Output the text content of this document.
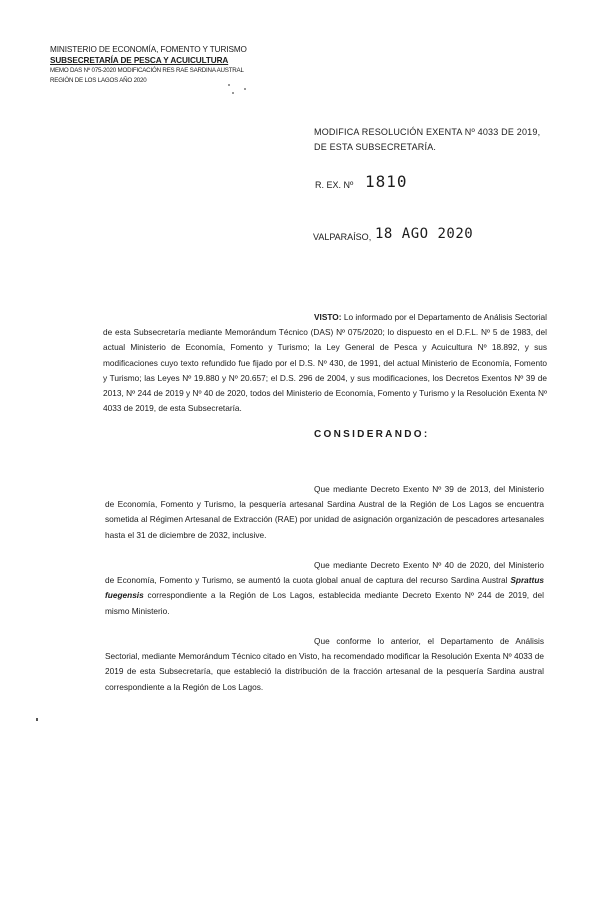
MINISTERIO DE ECONOMÍA, FOMENTO Y TURISMO
SUBSECRETARÍA DE PESCA Y ACUICULTURA
MEMO DAS Nº 075-2020 MODIFICACIÓN RES RAE SARDINA AUSTRAL
REGIÓN DE LOS LAGOS AÑO 2020
MODIFICA RESOLUCIÓN EXENTA Nº 4033 DE 2019,
DE ESTA SUBSECRETARÍA.
R. EX. Nº 1810
VALPARAÍSO, 18 AGO 2020

VISTO: Lo informado por el Departamento de Análisis Sectorial de esta Subsecretaría mediante Memorándum Técnico (DAS) Nº 075/2020; lo dispuesto en el D.F.L. Nº 5 de 1983, del actual Ministerio de Economía, Fomento y Turismo; la Ley General de Pesca y Acuicultura Nº 18.892, y sus modificaciones cuyo texto refundido fue fijado por el D.S. Nº 430, de 1991, del actual Ministerio de Economía, Fomento y Turismo; las Leyes Nº 19.880 y Nº 20.657; el D.S. 296 de 2004, y sus modificaciones, los Decretos Exentos Nº 39 de 2013, Nº 244 de 2019 y Nº 40 de 2020, todos del Ministerio de Economía, Fomento y Turismo y la Resolución Exenta Nº 4033 de 2019, de esta Subsecretaría.

CONSIDERANDO:

Que mediante Decreto Exento Nº 39 de 2013, del Ministerio de Economía, Fomento y Turismo, la pesquería artesanal Sardina Austral de la Región de Los Lagos se encuentra sometida al Régimen Artesanal de Extracción (RAE) por unidad de asignación organización de pescadores artesanales hasta el 31 de diciembre de 2032, inclusive.

Que mediante Decreto Exento Nº 40 de 2020, del Ministerio de Economía, Fomento y Turismo, se aumentó la cuota global anual de captura del recurso Sardina Austral Sprattus fuegensis correspondiente a la Región de Los Lagos, establecida mediante Decreto Exento Nº 244 de 2019, del mismo Ministerio.

Que conforme lo anterior, el Departamento de Análisis Sectorial, mediante Memorándum Técnico citado en Visto, ha recomendado modificar la Resolución Exenta Nº 4033 de 2019 de esta Subsecretaría, que estableció la distribución de la fracción artesanal de la pesquería Sardina austral correspondiente a la Región de Los Lagos.
